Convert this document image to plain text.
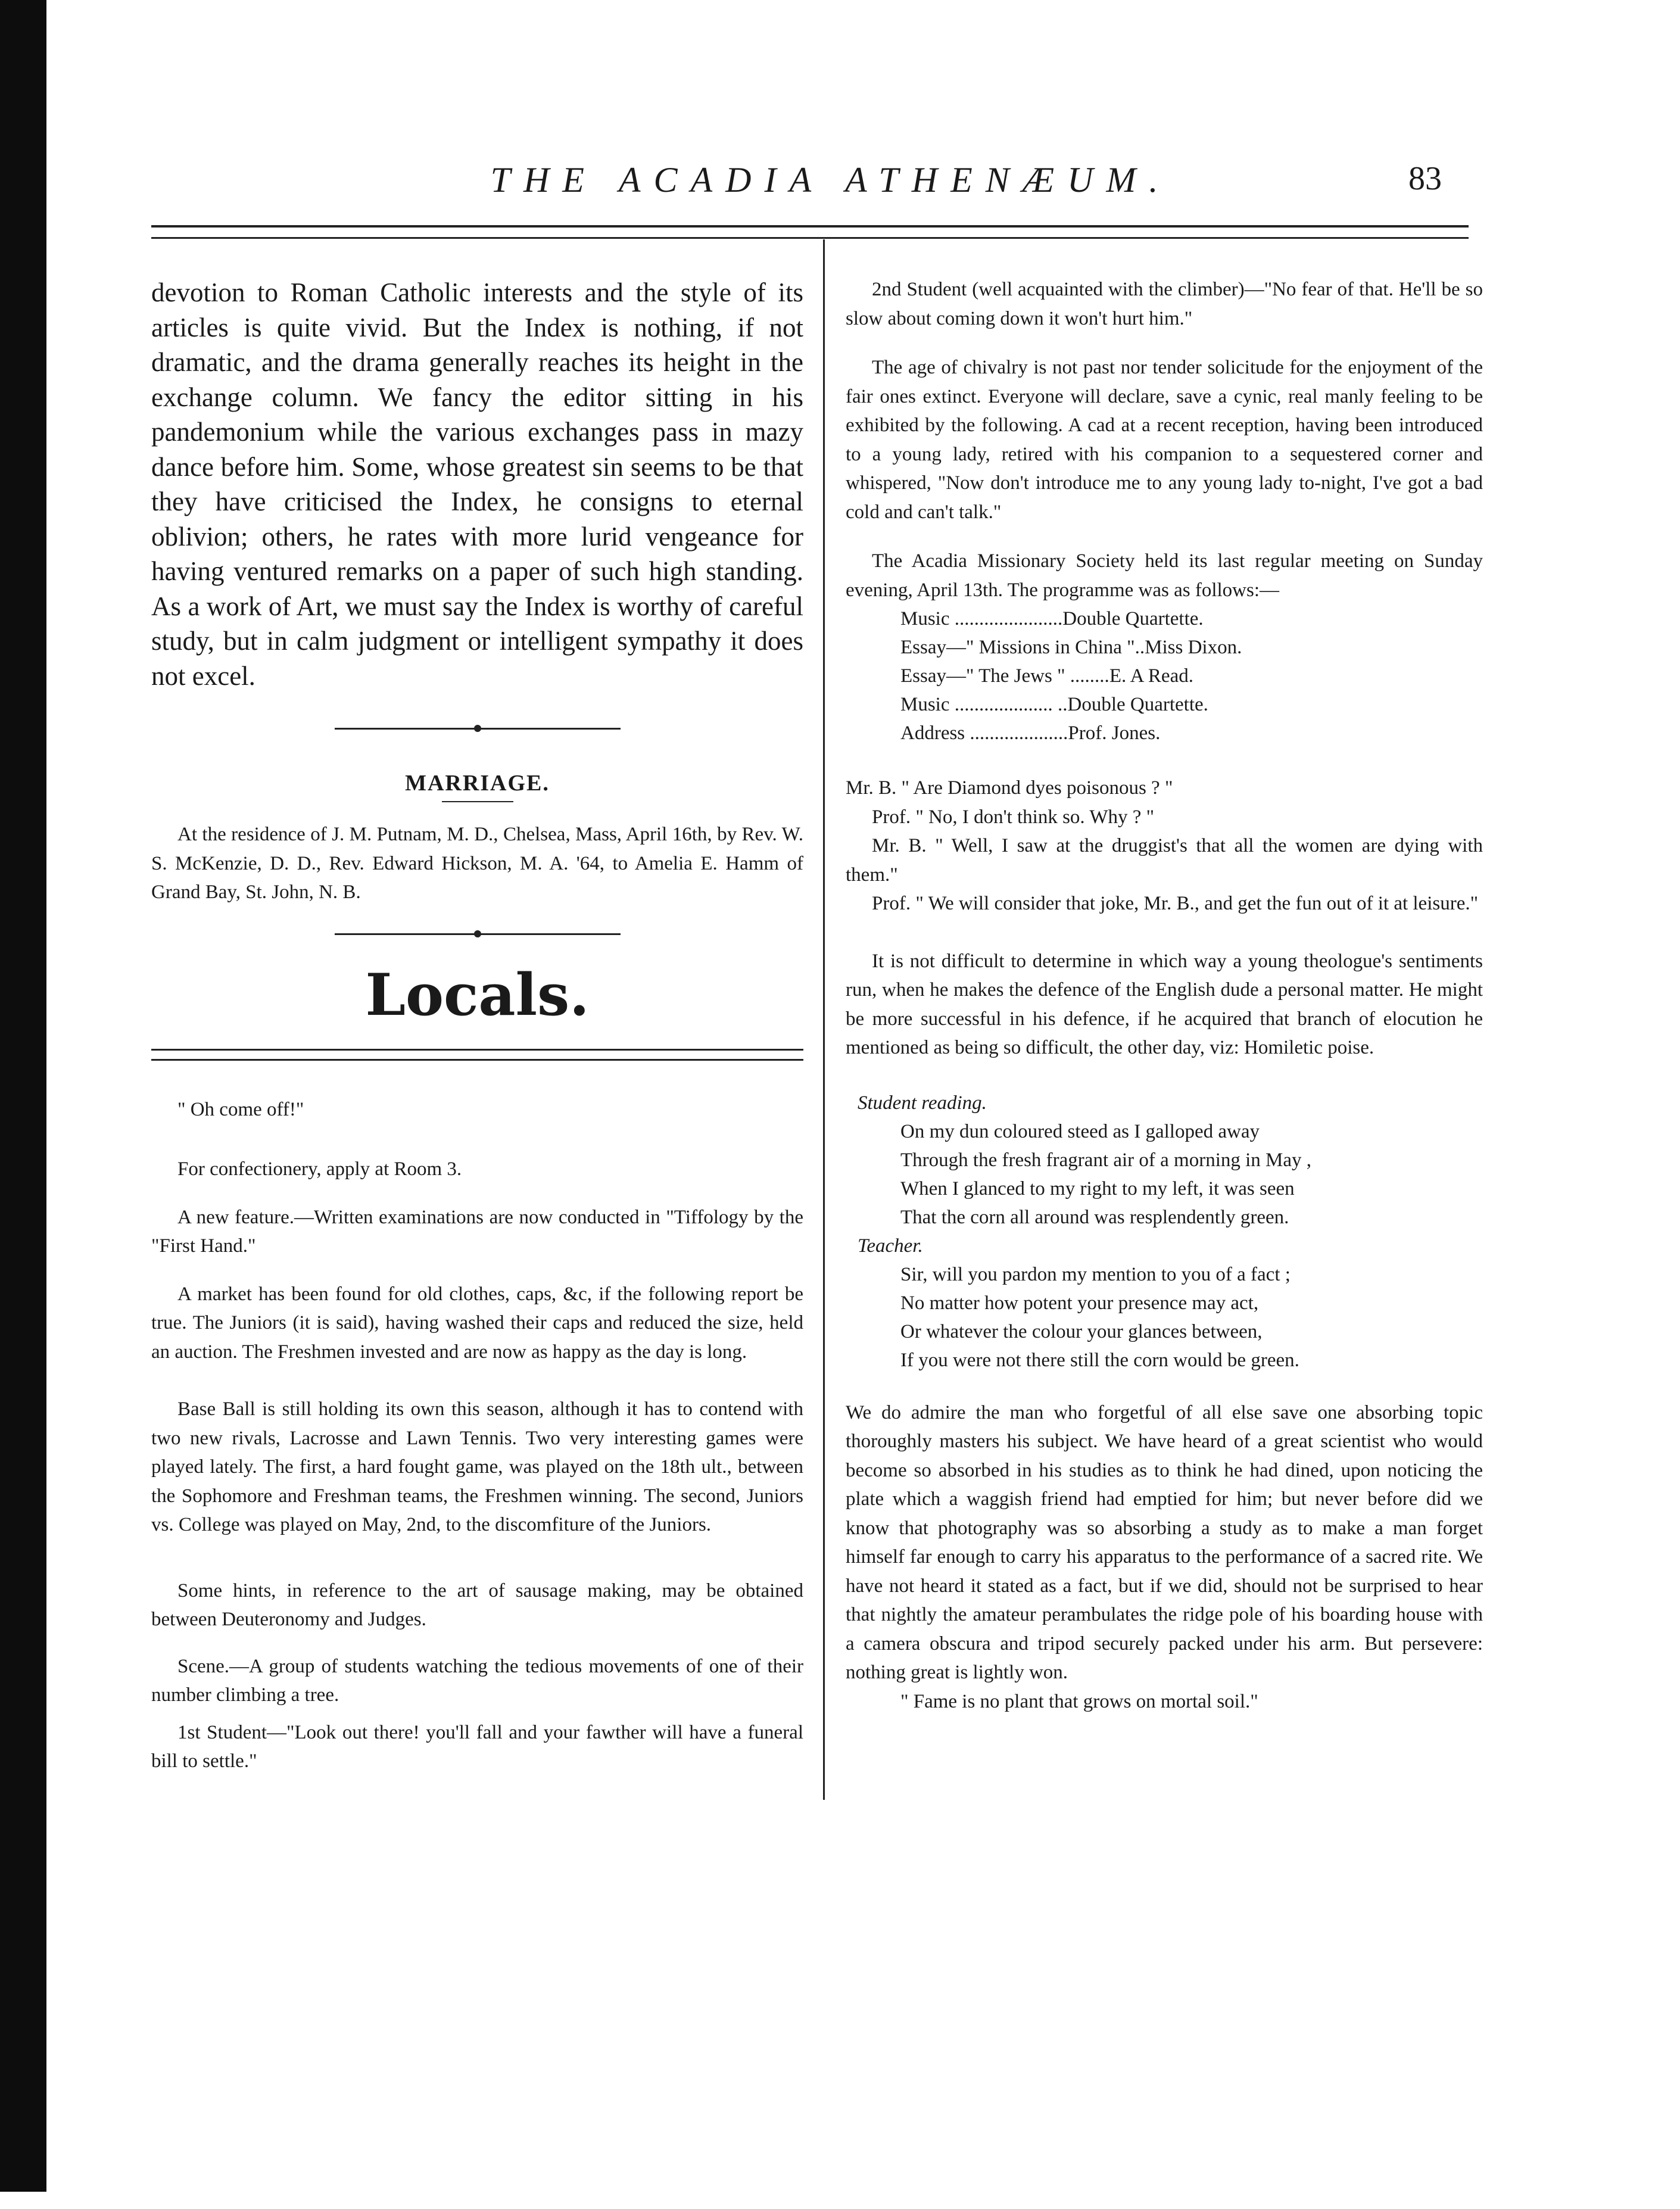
THE ACADIA ATHENÆUM.	83

devotion to Roman Catholic interests and the style of its articles is quite vivid. But the Index is nothing, if not dramatic, and the drama generally reaches its height in the exchange column. We fancy the editor sitting in his pandemonium while the various exchanges pass in mazy dance before him. Some, whose greatest sin seems to be that they have criticised the Index, he consigns to eternal oblivion; others, he rates with more lurid vengeance for having ventured remarks on a paper of such high standing. As a work of Art, we must say the Index is worthy of careful study, but in calm judgment or intelligent sympathy it does not excel.

MARRIAGE.

At the residence of J. M. Putnam, M. D., Chelsea, Mass, April 16th, by Rev. W. S. McKenzie, D. D., Rev. Edward Hickson, M. A. '64, to Amelia E. Hamm of Grand Bay, St. John, N. B.

Locals.

" Oh come off!"

For confectionery, apply at Room 3.

A new feature.—Written examinations are now conducted in "Tiffology by the "First Hand."

A market has been found for old clothes, caps, &c, if the following report be true. The Juniors (it is said), having washed their caps and reduced the size, held an auction. The Freshmen invested and are now as happy as the day is long.

Base Ball is still holding its own this season, although it has to contend with two new rivals, Lacrosse and Lawn Tennis. Two very interesting games were played lately. The first, a hard fought game, was played on the 18th ult., between the Sophomore and Freshman teams, the Freshmen winning. The second, Juniors vs. College was played on May, 2nd, to the discomfiture of the Juniors.

Some hints, in reference to the art of sausage making, may be obtained between Deuteronomy and Judges.

Scene.—A group of students watching the tedious movements of one of their number climbing a tree.

1st Student—"Look out there! you'll fall and your fawther will have a funeral bill to settle."

2nd Student (well acquainted with the climber)—"No fear of that. He'll be so slow about coming down it won't hurt him."

The age of chivalry is not past nor tender solicitude for the enjoyment of the fair ones extinct. Everyone will declare, save a cynic, real manly feeling to be exhibited by the following. A cad at a recent reception, having been introduced to a young lady, retired with his companion to a sequestered corner and whispered, "Now don't introduce me to any young lady to-night, I've got a bad cold and can't talk."

The Acadia Missionary Society held its last regular meeting on Sunday evening, April 13th. The programme was as follows:—

Music ...................... Double Quartette.
Essay—" Missions in China ".. Miss Dixon.
Essay—" The Jews " ........ E. A Read.
Music .................... .. Double Quartette.
Address .................... Prof. Jones.

Mr. B. " Are Diamond dyes poisonous ? "

Prof. " No, I don't think so. Why ? "

Mr. B. " Well, I saw at the druggist's that all the women are dying with them."

Prof. " We will consider that joke, Mr. B., and get the fun out of it at leisure."

It is not difficult to determine in which way a young theologue's sentiments run, when he makes the defence of the English dude a personal matter. He might be more successful in his defence, if he acquired that branch of elocution he mentioned as being so difficult, the other day, viz: Homiletic poise.

Student reading.
On my dun coloured steed as I galloped away
Through the fresh fragrant air of a morning in May ,
When I glanced to my right to my left, it was seen
That the corn all around was resplendently green.
Teacher.
Sir, will you pardon my mention to you of a fact ;
No matter how potent your presence may act,
Or whatever the colour your glances between,
If you were not there still the corn would be green.

We do admire the man who forgetful of all else save one absorbing topic thoroughly masters his subject. We have heard of a great scientist who would become so absorbed in his studies as to think he had dined, upon noticing the plate which a waggish friend had emptied for him; but never before did we know that photography was so absorbing a study as to make a man forget himself far enough to carry his apparatus to the performance of a sacred rite. We have not heard it stated as a fact, but if we did, should not be surprised to hear that nightly the amateur perambulates the ridge pole of his boarding house with a camera obscura and tripod securely packed under his arm. But persevere: nothing great is lightly won.

" Fame is no plant that grows on mortal soil."
